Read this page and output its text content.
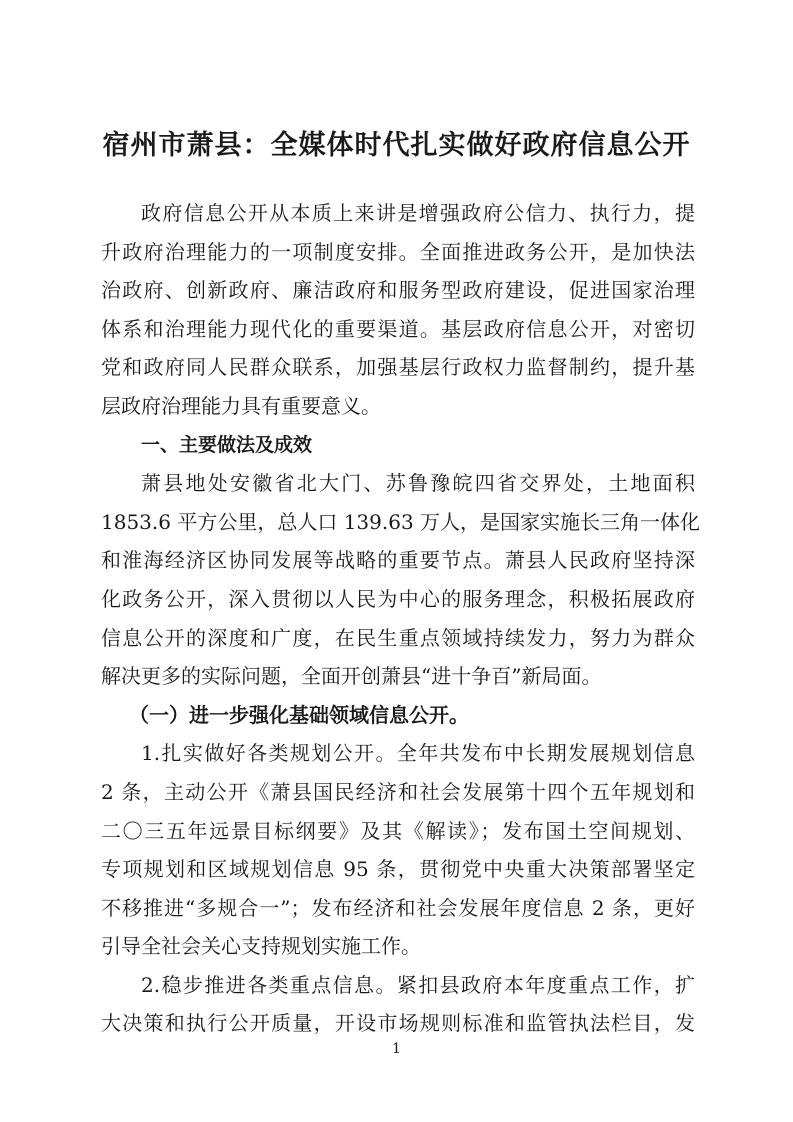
宿州市萧县：全媒体时代扎实做好政府信息公开
政府信息公开从本质上来讲是增强政府公信力、执行力，提
升政府治理能力的一项制度安排。全面推进政务公开，是加快法
治政府、创新政府、廉洁政府和服务型政府建设，促进国家治理
体系和治理能力现代化的重要渠道。基层政府信息公开，对密切
党和政府同人民群众联系，加强基层行政权力监督制约，提升基
层政府治理能力具有重要意义。
一、主要做法及成效
萧县地处安徽省北大门、苏鲁豫皖四省交界处，土地面积
1853.6 平方公里，总人口 139.63 万人，是国家实施长三角一体化
和淮海经济区协同发展等战略的重要节点。萧县人民政府坚持深
化政务公开，深入贯彻以人民为中心的服务理念，积极拓展政府
信息公开的深度和广度，在民生重点领域持续发力，努力为群众
解决更多的实际问题，全面开创萧县“进十争百”新局面。
（一）进一步强化基础领域信息公开。
1.扎实做好各类规划公开。全年共发布中长期发展规划信息
2 条，主动公开《萧县国民经济和社会发展第十四个五年规划和
二〇三五年远景目标纲要》及其《解读》；发布国土空间规划、
专项规划和区域规划信息 95 条，贯彻党中央重大决策部署坚定
不移推进“多规合一”；发布经济和社会发展年度信息 2 条，更好
引导全社会关心支持规划实施工作。
2.稳步推进各类重点信息。紧扣县政府本年度重点工作，扩
大决策和执行公开质量，开设市场规则标准和监管执法栏目，发
1
